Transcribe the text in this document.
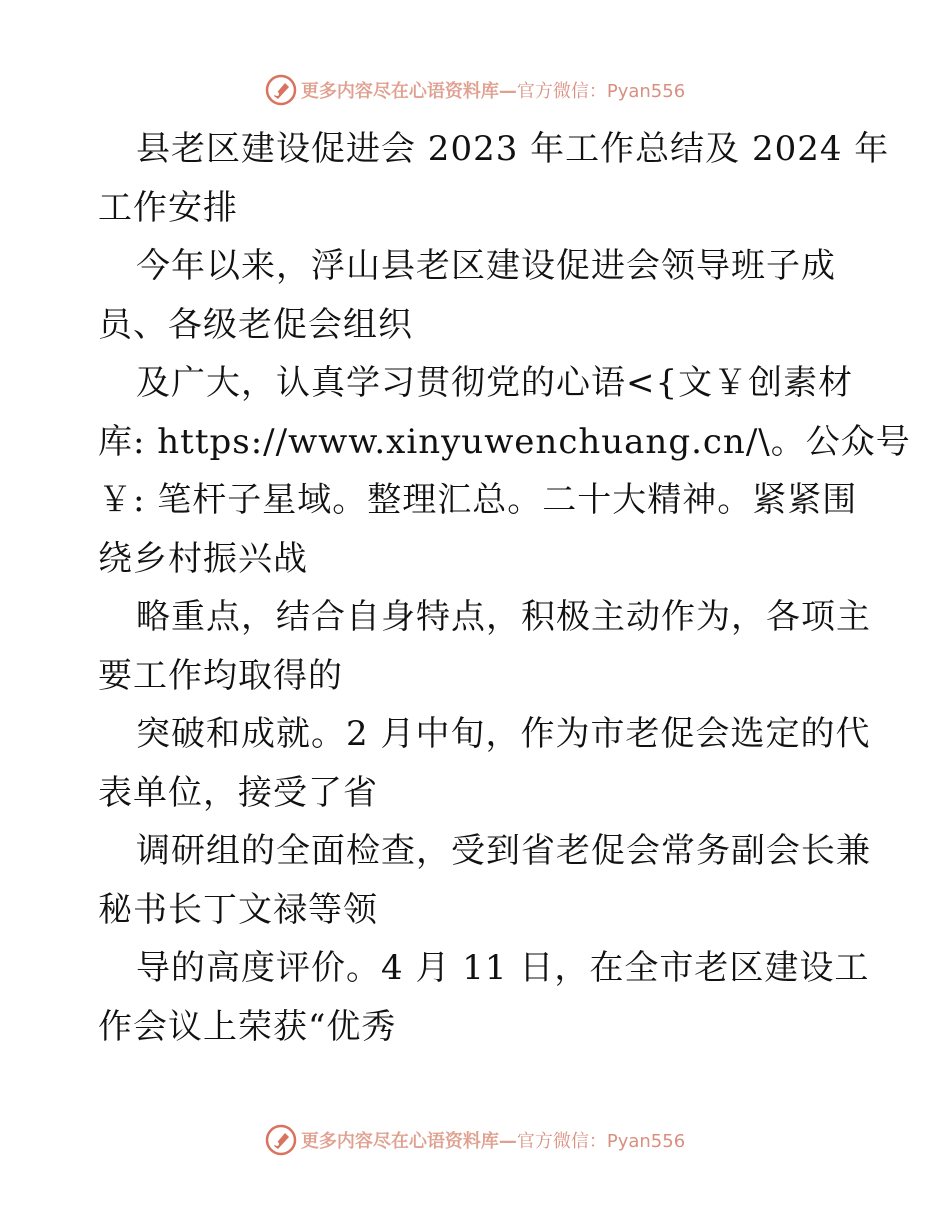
更多内容尽在心语资料库—官方微信：Pyan556
县老区建设促进会 2023 年工作总结及 2024 年
工作安排
今年以来，浮山县老区建设促进会领导班子成
员、各级老促会组织
及广大，认真学习贯彻党的心语<{文￥创素材
库: https://www.xinyuwenchuang.cn/\。公众号
￥: 笔杆子星域。整理汇总。二十大精神。紧紧围
绕乡村振兴战
略重点，结合自身特点，积极主动作为，各项主
要工作均取得的
突破和成就。2 月中旬，作为市老促会选定的代
表单位，接受了省
调研组的全面检查，受到省老促会常务副会长兼
秘书长丁文禄等领
导的高度评价。4 月 11 日，在全市老区建设工
作会议上荣获“优秀
更多内容尽在心语资料库—官方微信：Pyan556
